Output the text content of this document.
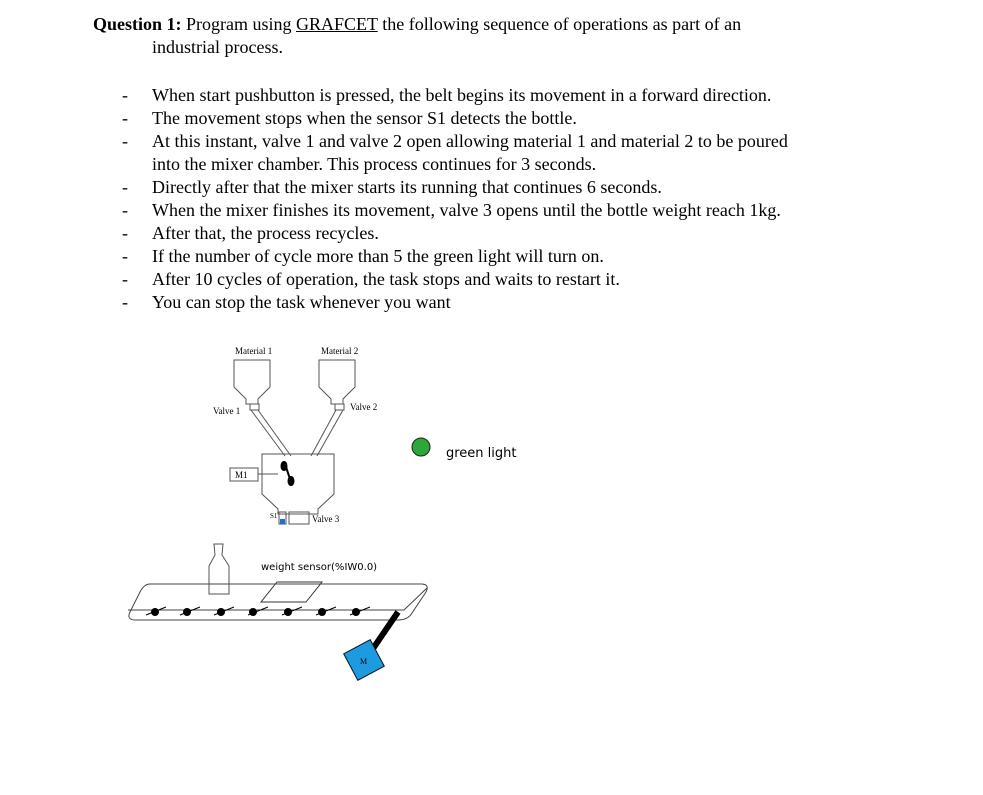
Question 1: Program using GRAFCET the following sequence of operations as part of an
industrial process.
-
-
-
-
-
-
-
-
-
When start pushbutton is pressed, the belt begins its movement in a forward direction.
The movement stops when the sensor S1 detects the bottle.
At this instant, valve 1 and valve 2 open allowing material 1 and material 2 to be poured
into the mixer chamber. This process continues for 3 seconds.
Directly after that the mixer starts its running that continues 6 seconds.
When the mixer finishes its movement, valve 3 opens until the bottle weight reach 1kg.
After that, the process recycles.
If the number of cycle more than 5 the green light will turn on.
After 10 cycles of operation, the task stops and waits to restart it.
You can stop the task whenever you want
Material 1	Material 2
Valve 1	Valve 2
Valve 3
M1
S1
M
weight sensor(%IW0.0)
green light
